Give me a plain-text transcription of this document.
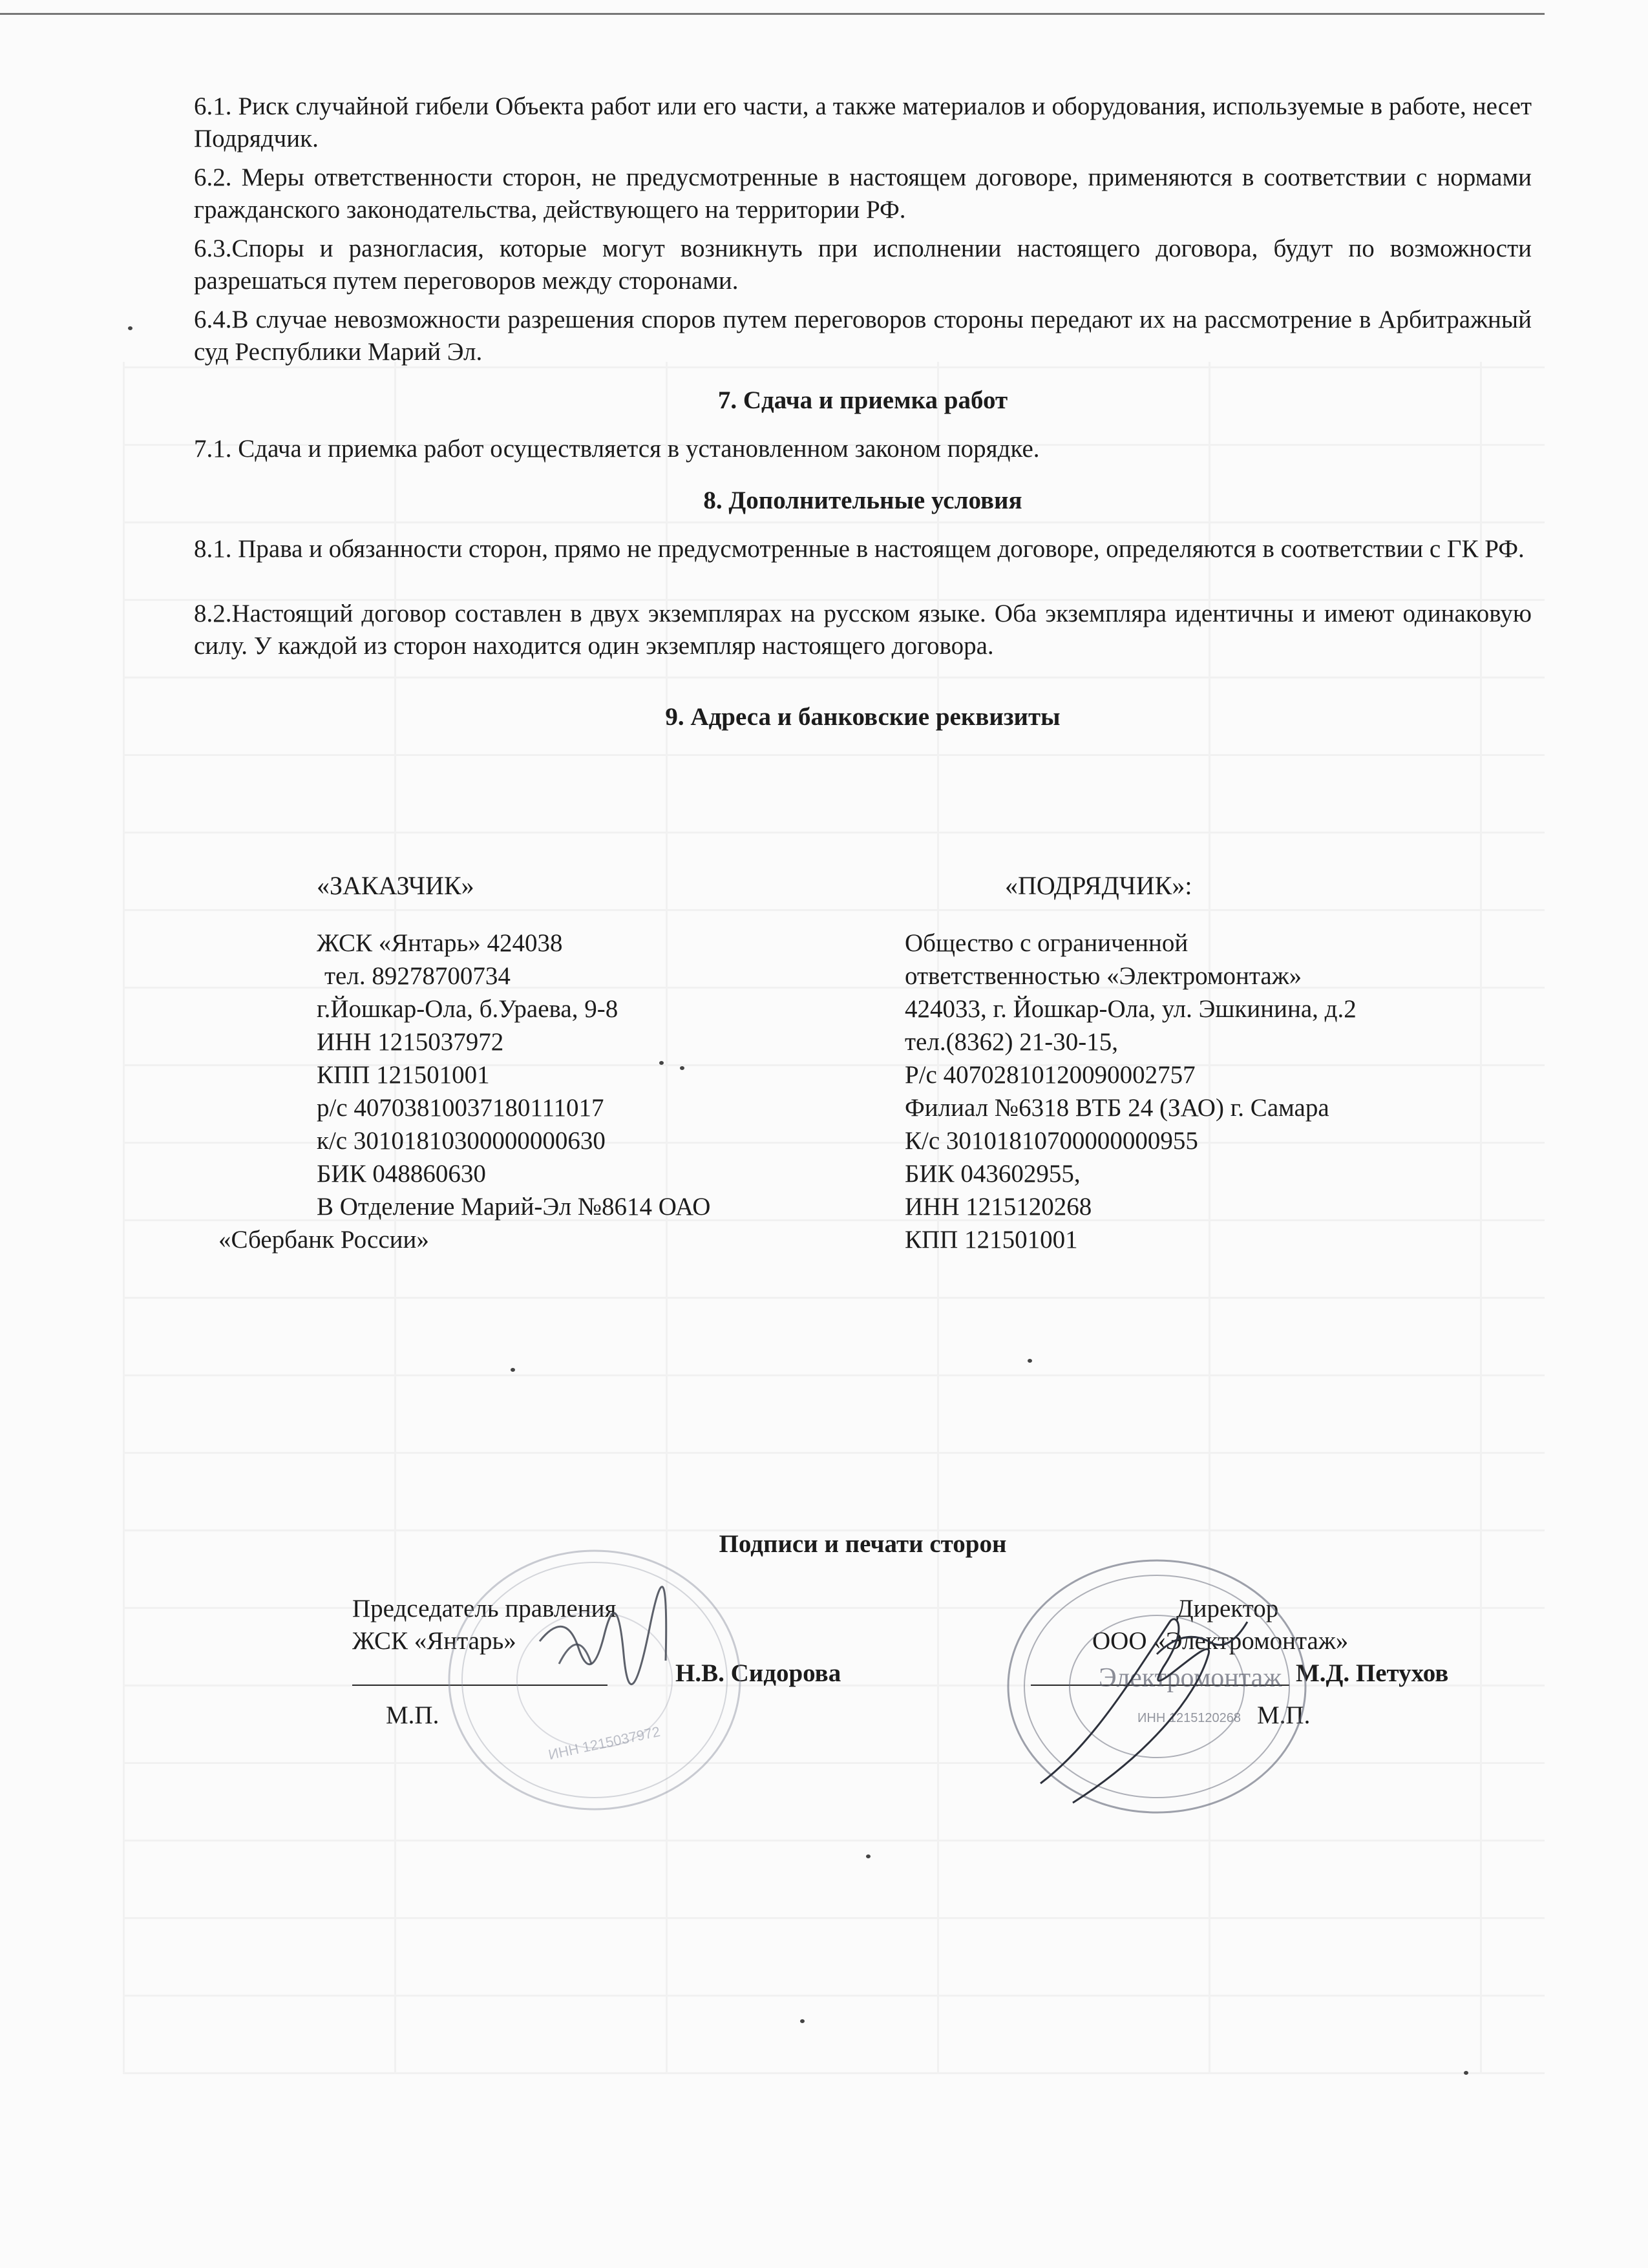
6.1. Риск случайной гибели Объекта работ или его части, а также материалов и оборудования, используемые в работе, несет Подрядчик.
6.2. Меры ответственности сторон, не предусмотренные в настоящем договоре, применяются в соответствии с нормами гражданского законодательства, действующего на территории РФ.
6.3.Споры и разногласия, которые могут возникнуть при исполнении настоящего договора, будут по возможности разрешаться путем переговоров между сторонами.
6.4.В случае невозможности разрешения споров путем переговоров стороны передают их на рассмотрение в Арбитражный суд Республики Марий Эл.
7. Сдача и приемка работ
7.1. Сдача и приемка работ осуществляется в установленном законом порядке.
8. Дополнительные условия
8.1. Права и обязанности сторон, прямо не предусмотренные в настоящем договоре, определяются в соответствии с ГК РФ.
8.2.Настоящий договор составлен в двух экземплярах на русском языке. Оба экземпляра идентичны и имеют одинаковую силу. У каждой из сторон находится один экземпляр настоящего договора.
9. Адреса и банковские реквизиты
«ЗАКАЗЧИК»
ЖСК «Янтарь» 424038
тел. 89278700734
г.Йошкар-Ола, б.Ураева, 9-8
ИНН 1215037972
КПП 121501001
р/с 40703810037180111017
к/с 30101810300000000630
БИК 048860630
В Отделение Марий-Эл №8614 ОАО
«Сбербанк России»
«ПОДРЯДЧИК»:
Общество с ограниченной
ответственностью «Электромонтаж»
424033, г. Йошкар-Ола, ул. Эшкинина, д.2
тел.(8362) 21-30-15,
Р/с 40702810120090002757
Филиал №6318 ВТБ 24 (ЗАО) г. Самара
К/с 30101810700000000955
БИК 043602955,
ИНН 1215120268
КПП 121501001
Подписи и печати сторон
Председатель правления
ЖСК «Янтарь»
Н.В. Сидорова
М.П.
Директор
ООО «Электромонтаж»
М.Д. Петухов
М.П.
ИНН 1215037972
Электромонтаж
ИНН 1215120268
